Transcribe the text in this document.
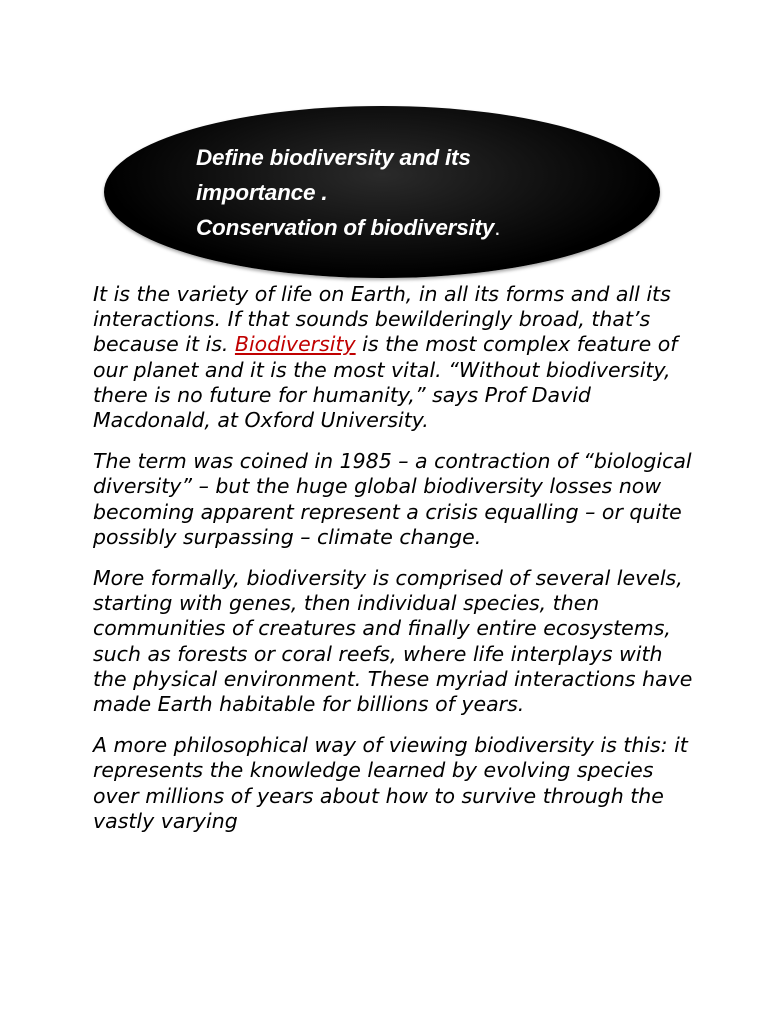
Define biodiversity and its
importance .
Conservation of biodiversity.

It is the variety of life on Earth, in all its forms and all its interactions. If that sounds bewilderingly broad, that’s because it is. Biodiversity is the most complex feature of our planet and it is the most vital. “Without biodiversity, there is no future for humanity,” says Prof David Macdonald, at Oxford University.

The term was coined in 1985 – a contraction of “biological diversity” – but the huge global biodiversity losses now becoming apparent represent a crisis equalling – or quite possibly surpassing – climate change.

More formally, biodiversity is comprised of several levels, starting with genes, then individual species, then communities of creatures and finally entire ecosystems, such as forests or coral reefs, where life interplays with the physical environment. These myriad interactions have made Earth habitable for billions of years.

A more philosophical way of viewing biodiversity is this: it represents the knowledge learned by evolving species over millions of years about how to survive through the vastly varying
